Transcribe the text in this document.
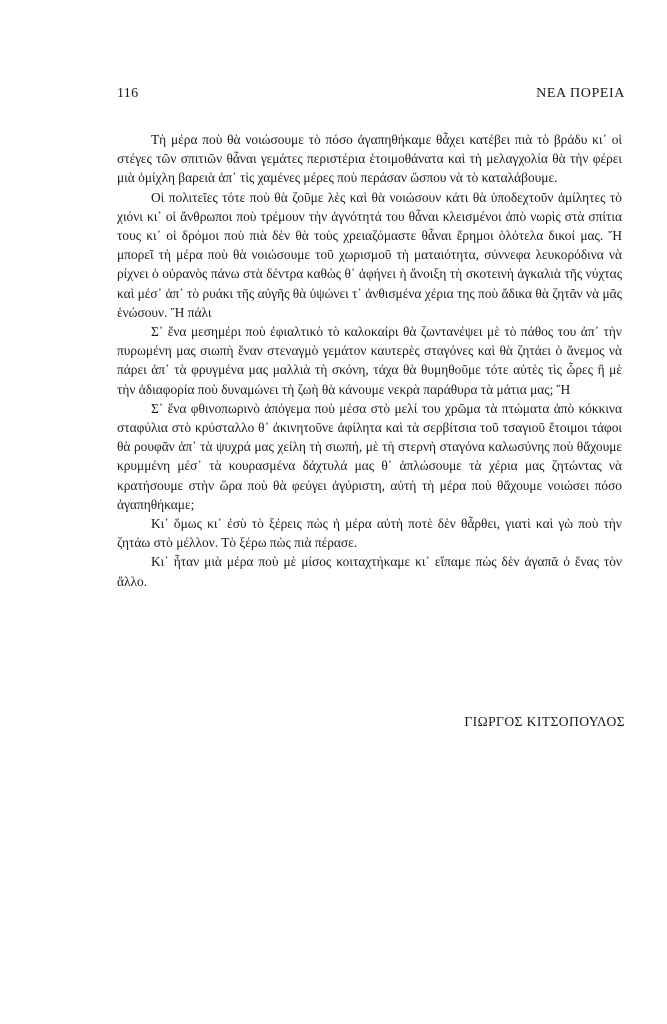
116	ΝΕΑ ΠΟΡΕΙΑ

Τὴ μέρα ποὺ θὰ νοιώσουμε τὸ πόσο ἀγαπηθήκαμε θἆχει κατέβει πιὰ τὸ βράδυ κι᾿ οἱ στέγες τῶν σπιτιῶν θἆναι γεμάτες περιστέρια ἑτοιμοθάνατα καὶ τὴ μελαγχολία θὰ τὴν φέρει μιὰ ὁμίχλη βαρειὰ ἀπ᾿ τὶς χαμένες μέρες ποὺ περάσαν ὥσπου νὰ τὸ καταλάβουμε.

Οἱ πολιτεῖες τότε ποὺ θὰ ζοῦμε λὲς καὶ θὰ νοιώσουν κάτι θὰ ὑποδεχτοῦν ἀμίλητες τὸ χιόνι κι᾿ οἱ ἄνθρωποι ποὺ τρέμουν τὴν ἀγνότητά του θἆναι κλεισμένοι ἀπὸ νωρὶς στὰ σπίτια τους κι᾿ οἱ δρόμοι ποὺ πιὰ δὲν θὰ τοὺς χρειαζόμαστε θἆναι ἔρημοι ὁλότελα δικοί μας. Ἤ μπορεῖ τὴ μέρα ποὺ θὰ νοιώσουμε τοῦ χωρισμοῦ τὴ ματαιότητα, σύννεφα λευκορόδινα νὰ ρίχνει ὁ οὐρανὸς πάνω στὰ δέντρα καθὼς θ᾿ ἀφήνει ἡ ἄνοιξη τὴ σκοτεινὴ ἀγκαλιὰ τῆς νύχτας καὶ μέσ᾿ ἀπ᾿ τὸ ρυάκι τῆς αὐγῆς θὰ ὑψώνει τ᾿ ἀνθισμένα χέρια της ποὺ ἄδικα θὰ ζητᾶν νὰ μᾶς ἑνώσουν. Ἤ πάλι

Σ᾿ ἕνα μεσημέρι ποὺ ἐφιαλτικὸ τὸ καλοκαίρι θὰ ζωντανέψει μὲ τὸ πάθος του ἀπ᾿ τὴν πυρωμένη μας σιωπὴ ἕναν στεναγμὸ γεμάτον καυτερὲς σταγόνες καὶ θὰ ζητάει ὁ ἄνεμος νὰ πάρει ἀπ᾿ τὰ φρυγμένα μας μαλλιὰ τὴ σκόνη, τάχα θὰ θυμηθοῦμε τότε αὐτὲς τὶς ὧρες ἢ μὲ τὴν ἀδιαφορία ποὺ δυναμώνει τὴ ζωὴ θὰ κάνουμε νεκρὰ παράθυρα τὰ μάτια μας; Ἤ

Σ᾿ ἕνα φθινοπωρινὸ ἀπόγεμα ποὺ μέσα στὸ μελί του χρῶμα τὰ πτώματα ἀπὸ κόκκινα σταφύλια στὸ κρύσταλλο θ᾿ ἀκινητοῦνε ἀφίλητα καὶ τὰ σερβίτσια τοῦ τσαγιοῦ ἕτοιμοι τάφοι θὰ ρουφᾶν ἀπ᾿ τὰ ψυχρά μας χείλη τὴ σιωπή, μὲ τὴ στερνὴ σταγόνα καλωσύνης ποὺ θἄχουμε κρυμμένη μέσ᾿ τὰ κουρασμένα δάχτυλά μας θ᾿ ἁπλώσουμε τὰ χέρια μας ζητώντας νὰ κρατήσουμε στὴν ὥρα ποὺ θὰ φεύγει ἀγύριστη, αὐτὴ τὴ μέρα ποὺ θἄχουμε νοιώσει πόσο ἀγαπηθήκαμε;

Κι᾿ ὅμως κι᾿ ἐσὺ τὸ ξέρεις πὼς ἡ μέρα αὐτὴ ποτὲ δὲν θἆρθει, γιατὶ καὶ γὼ ποὺ τὴν ζητάω στὸ μέλλον. Τὸ ξέρω πὼς πιὰ πέρασε.

Κι᾿ ἦταν μιὰ μέρα ποὺ μὲ μίσος κοιταχτήκαμε κι᾿ εἴπαμε πὼς δὲν ἀγαπᾶ ὁ ἕνας τὸν ἄλλο.

ΓΙΩΡΓΟΣ ΚΙΤΣΟΠΟΥΛΟΣ
